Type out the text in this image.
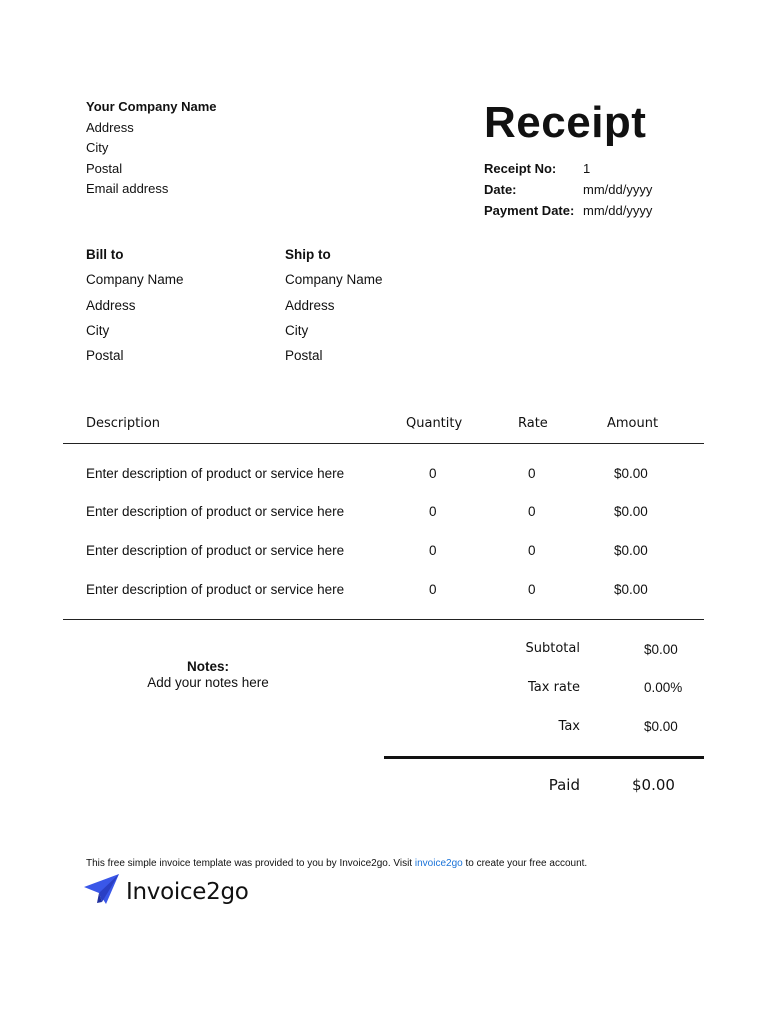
Your Company Name
Address
City
Postal
Email address
Receipt
Receipt No:	1
Date:	mm/dd/yyyy
Payment Date: mm/dd/yyyy
Bill to
Company Name
Address
City
Postal
Ship to
Company Name
Address
City
Postal
Description	Quantity	Rate	Amount
Enter description of product or service here	0	0	$0.00
Enter description of product or service here	0	0	$0.00
Enter description of product or service here	0	0	$0.00
Enter description of product or service here	0	0	$0.00
Notes:
Add your notes here
Subtotal	$0.00
Tax rate	0.00%
Tax	$0.00
Paid	$0.00
This free simple invoice template was provided to you by Invoice2go. Visit invoice2go to create your free account.
Invoice2go
